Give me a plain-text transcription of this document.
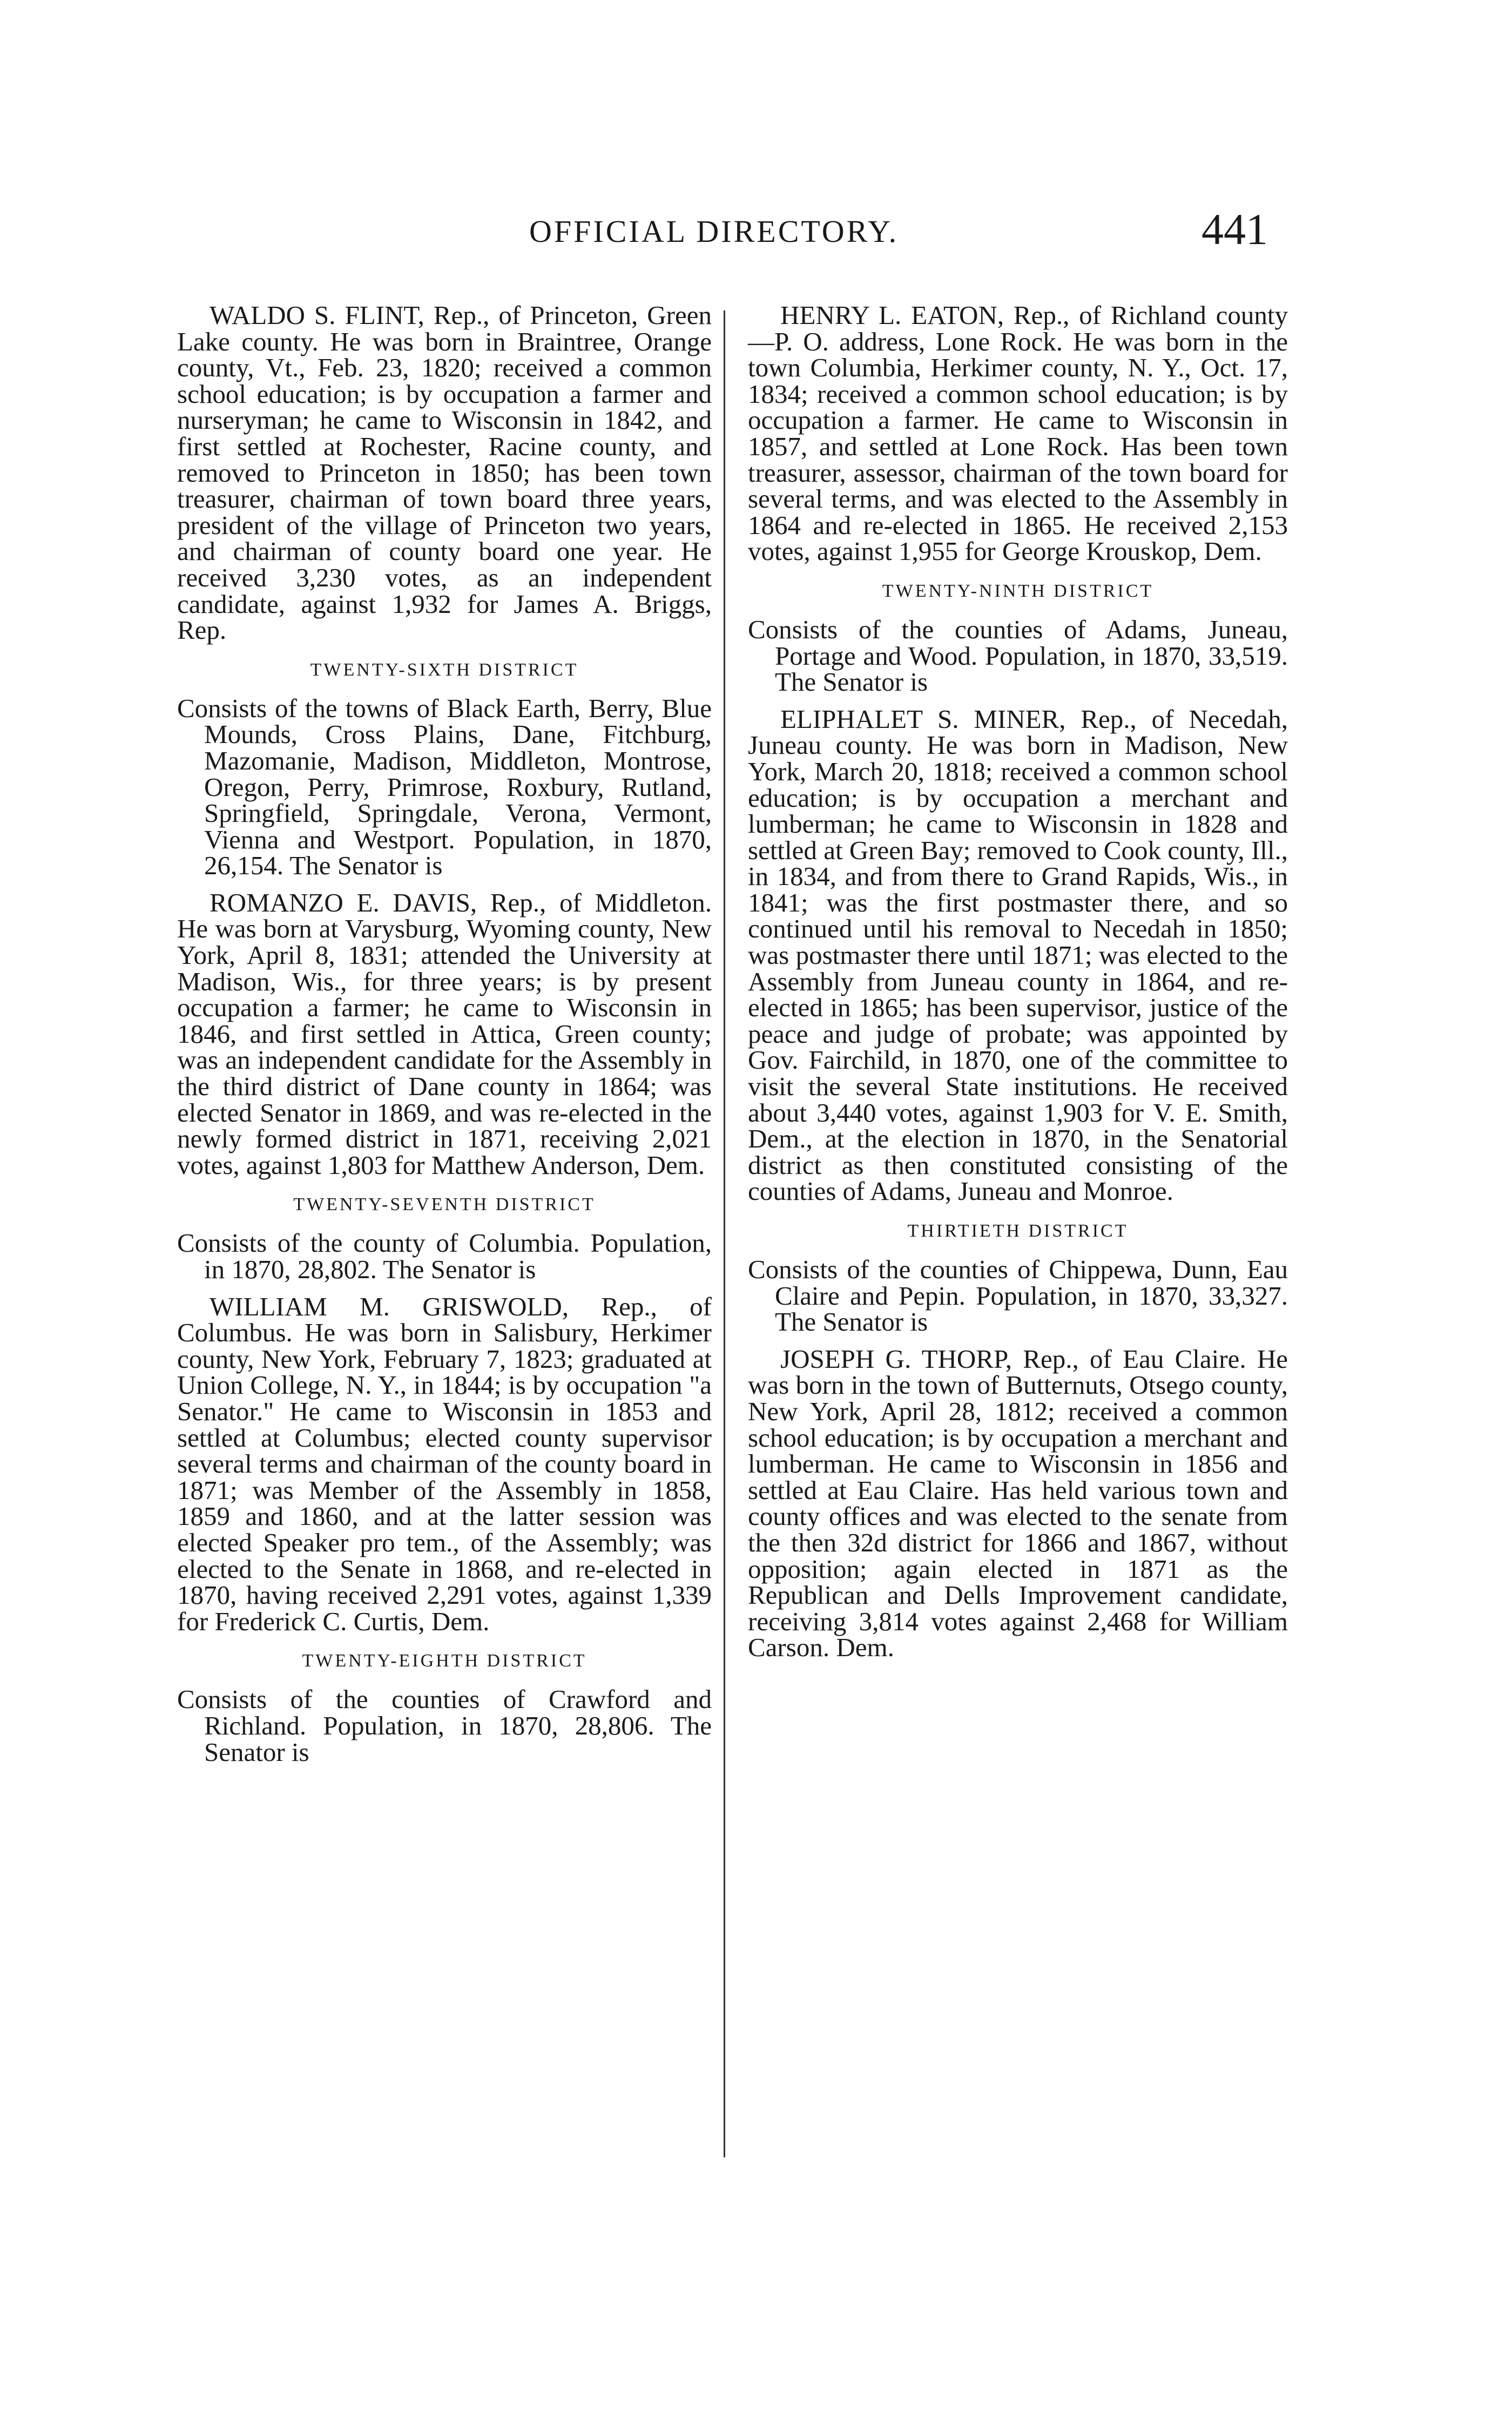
OFFICIAL DIRECTORY.	441

WALDO S. FLINT, Rep., of Princeton, Green Lake county. He was born in Braintree, Orange county, Vt., Feb. 23, 1820; received a common school education; is by occupation a farmer and nurseryman; he came to Wisconsin in 1842, and first settled at Rochester, Racine county, and removed to Princeton in 1850; has been town treasurer, chairman of town board three years, president of the village of Princeton two years, and chairman of county board one year. He received 3,230 votes, as an independent candidate, against 1,932 for James A. Briggs, Rep.

TWENTY-SIXTH DISTRICT

Consists of the towns of Black Earth, Berry, Blue Mounds, Cross Plains, Dane, Fitchburg, Mazomanie, Madison, Middleton, Montrose, Oregon, Perry, Primrose, Roxbury, Rutland, Springfield, Springdale, Verona, Vermont, Vienna and Westport. Population, in 1870, 26,154. The Senator is

ROMANZO E. DAVIS, Rep., of Middleton. He was born at Varysburg, Wyoming county, New York, April 8, 1831; attended the University at Madison, Wis., for three years; is by present occupation a farmer; he came to Wisconsin in 1846, and first settled in Attica, Green county; was an independent candidate for the Assembly in the third district of Dane county in 1864; was elected Senator in 1869, and was re-elected in the newly formed district in 1871, receiving 2,021 votes, against 1,803 for Matthew Anderson, Dem.

TWENTY-SEVENTH DISTRICT

Consists of the county of Columbia. Population, in 1870, 28,802. The Senator is

WILLIAM M. GRISWOLD, Rep., of Columbus. He was born in Salisbury, Herkimer county, New York, February 7, 1823; graduated at Union College, N. Y., in 1844; is by occupation "a Senator." He came to Wisconsin in 1853 and settled at Columbus; elected county supervisor several terms and chairman of the county board in 1871; was Member of the Assembly in 1858, 1859 and 1860, and at the latter session was elected Speaker pro tem., of the Assembly; was elected to the Senate in 1868, and re-elected in 1870, having received 2,291 votes, against 1,339 for Frederick C. Curtis, Dem.

TWENTY-EIGHTH DISTRICT

Consists of the counties of Crawford and Richland. Population, in 1870, 28,806. The Senator is

HENRY L. EATON, Rep., of Richland county—P. O. address, Lone Rock. He was born in the town Columbia, Herkimer county, N. Y., Oct. 17, 1834; received a common school education; is by occupation a farmer. He came to Wisconsin in 1857, and settled at Lone Rock. Has been town treasurer, assessor, chairman of the town board for several terms, and was elected to the Assembly in 1864 and re-elected in 1865. He received 2,153 votes, against 1,955 for George Krouskop, Dem.

TWENTY-NINTH DISTRICT

Consists of the counties of Adams, Juneau, Portage and Wood. Population, in 1870, 33,519. The Senator is

ELIPHALET S. MINER, Rep., of Necedah, Juneau county. He was born in Madison, New York, March 20, 1818; received a common school education; is by occupation a merchant and lumberman; he came to Wisconsin in 1828 and settled at Green Bay; removed to Cook county, Ill., in 1834, and from there to Grand Rapids, Wis., in 1841; was the first postmaster there, and so continued until his removal to Necedah in 1850; was postmaster there until 1871; was elected to the Assembly from Juneau county in 1864, and re-elected in 1865; has been supervisor, justice of the peace and judge of probate; was appointed by Gov. Fairchild, in 1870, one of the committee to visit the several State institutions. He received about 3,440 votes, against 1,903 for V. E. Smith, Dem., at the election in 1870, in the Senatorial district as then constituted consisting of the counties of Adams, Juneau and Monroe.

THIRTIETH DISTRICT

Consists of the counties of Chippewa, Dunn, Eau Claire and Pepin. Population, in 1870, 33,327. The Senator is

JOSEPH G. THORP, Rep., of Eau Claire. He was born in the town of Butternuts, Otsego county, New York, April 28, 1812; received a common school education; is by occupation a merchant and lumberman. He came to Wisconsin in 1856 and settled at Eau Claire. Has held various town and county offices and was elected to the senate from the then 32d district for 1866 and 1867, without opposition; again elected in 1871 as the Republican and Dells Improvement candidate, receiving 3,814 votes against 2,468 for William Carson. Dem.
